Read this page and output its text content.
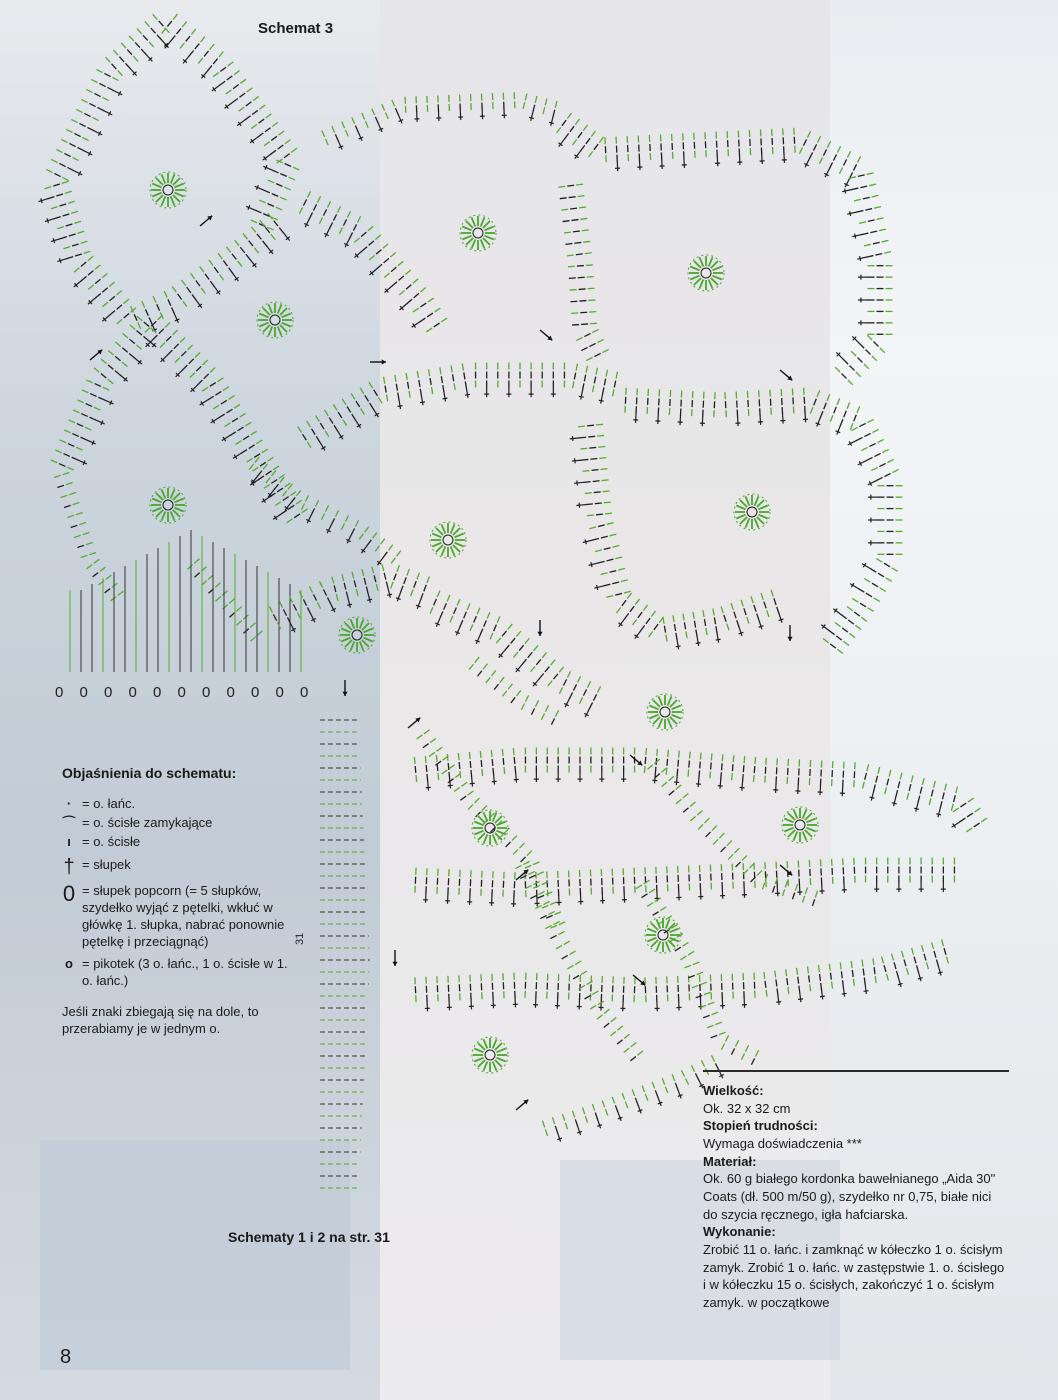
0 0 0 0 0 0 0 0 0 0 0
31
Schemat 3
Objaśnienia do schematu:
· = o. łańc.
⌒ = o. ścisłe zamykające
ı = o. ścisłe
† = słupek
0 = słupek popcorn (= 5 słupków, szydełko wyjąć z pętelki, wkłuć w główkę 1. słupka, nabrać ponownie pętelkę i przeciągnąć)
o = pikotek (3 o. łańc., 1 o. ścisłe w 1. o. łańc.)

Jeśli znaki zbiegają się na dole, to przerabiamy je w jednym o.

Schematy 1 i 2 na str. 31

Wielkość:

Ok. 32 x 32 cm

Stopień trudności:

Wymaga doświadczenia ***

Materiał:

Ok. 60 g białego kordonka bawełnianego „Aida 30" Coats (dł. 500 m/50 g), szydełko nr 0,75, białe nici do szycia ręcznego, igła hafciarska.

Wykonanie:

Zrobić 11 o. łańc. i zamknąć w kółeczko 1 o. ścisłym zamyk. Zrobić 1 o. łańc. w zastępstwie 1. o. ścisłego i w kółeczku 15 o. ścisłych, zakończyć 1 o. ścisłym zamyk. w początkowe

8
